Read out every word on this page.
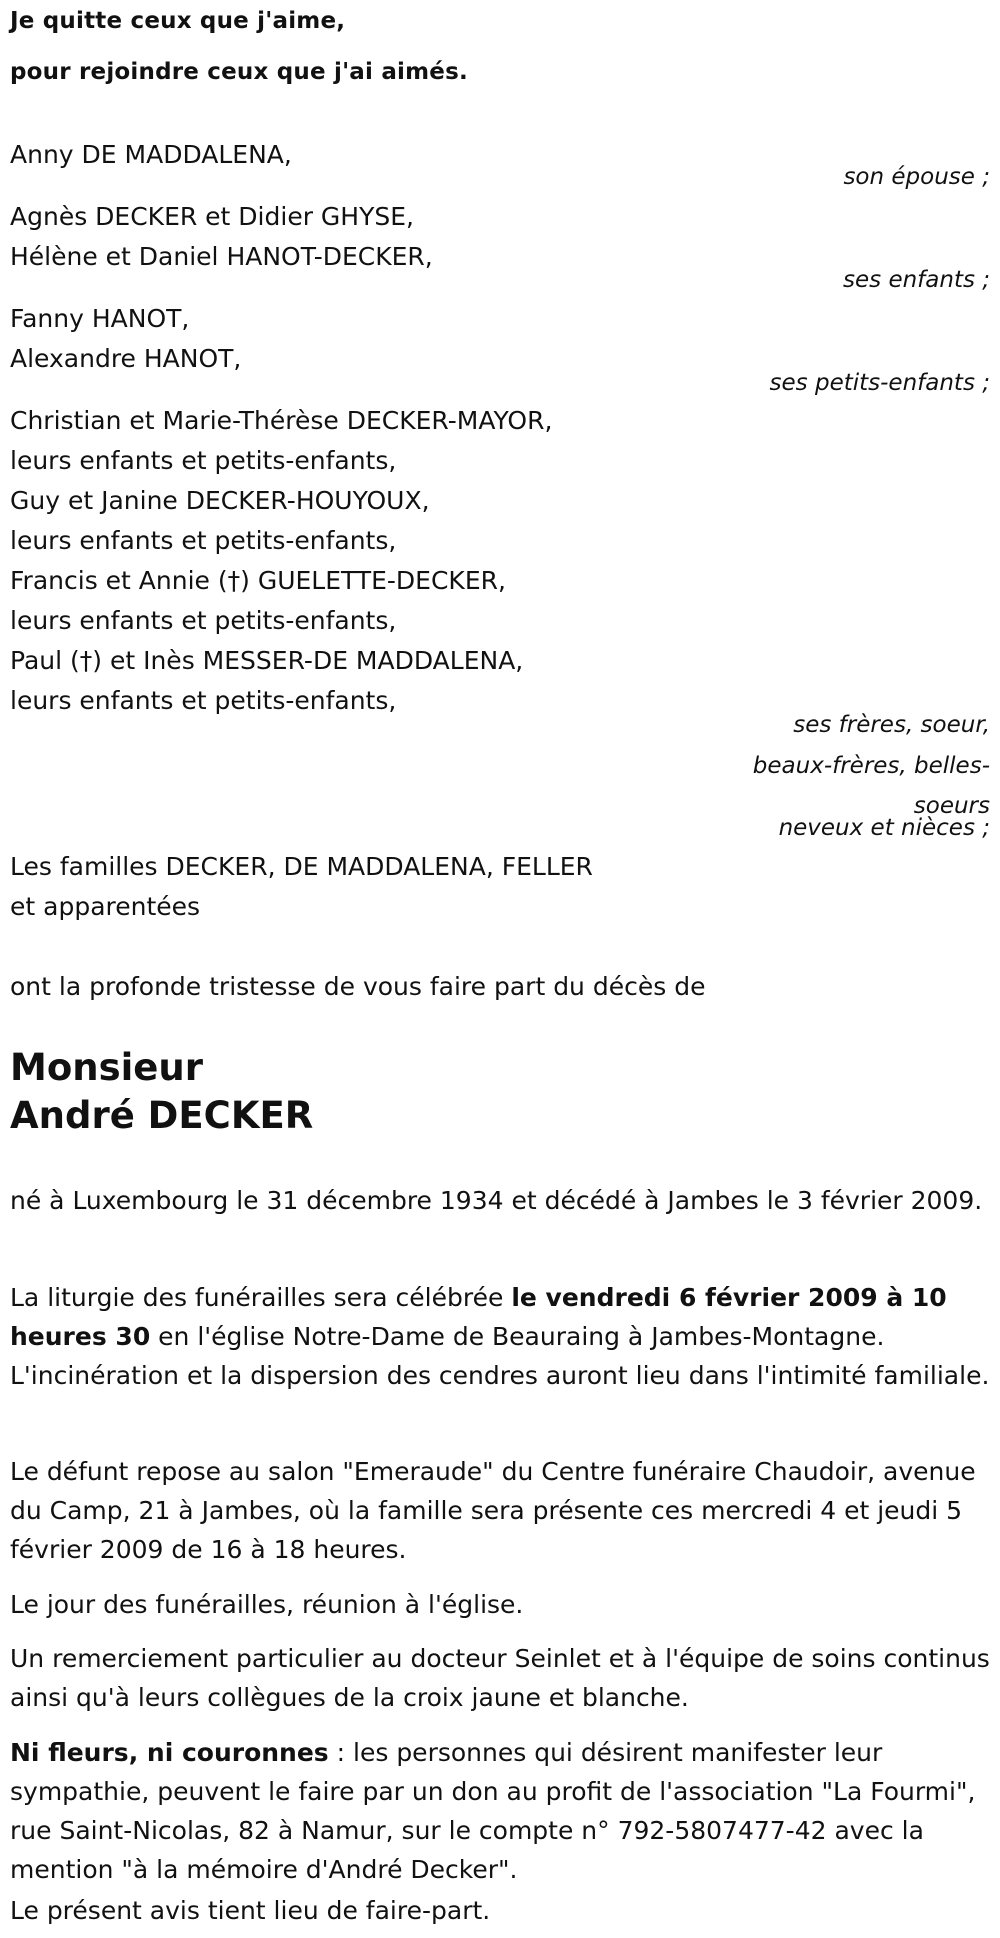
Je quitte ceux que j'aime,
pour rejoindre ceux que j'ai aimés.
Anny DE MADDALENA,
son épouse ;
Agnès DECKER et Didier GHYSE,
Hélène et Daniel HANOT-DECKER,
ses enfants ;
Fanny HANOT,
Alexandre HANOT,
ses petits-enfants ;
Christian et Marie-Thérèse DECKER-MAYOR,
leurs enfants et petits-enfants,
Guy et Janine DECKER-HOUYOUX,
leurs enfants et petits-enfants,
Francis et Annie (†) GUELETTE-DECKER,
leurs enfants et petits-enfants,
Paul (†) et Inès MESSER-DE MADDALENA,
leurs enfants et petits-enfants,
ses frères, soeur,
beaux-frères, belles-soeurs
neveux et nièces ;
Les familles DECKER, DE MADDALENA, FELLER
et apparentées
ont la profonde tristesse de vous faire part du décès de
Monsieur
André DECKER
né à Luxembourg le 31 décembre 1934 et décédé à Jambes le 3 février 2009.
La liturgie des funérailles sera célébrée le vendredi 6 février 2009 à 10 heures 30 en l'église Notre-Dame de Beauraing à Jambes-Montagne. L'incinération et la dispersion des cendres auront lieu dans l'intimité familiale.
Le défunt repose au salon "Emeraude" du Centre funéraire Chaudoir, avenue du Camp, 21 à Jambes, où la famille sera présente ces mercredi 4 et jeudi 5 février 2009 de 16 à 18 heures.
Le jour des funérailles, réunion à l'église.
Un remerciement particulier au docteur Seinlet et à l'équipe de soins continus ainsi qu'à leurs collègues de la croix jaune et blanche.
Ni fleurs, ni couronnes : les personnes qui désirent manifester leur sympathie, peuvent le faire par un don au profit de l'association "La Fourmi", rue Saint-Nicolas, 82 à Namur, sur le compte n° 792-5807477-42 avec la mention "à la mémoire d'André Decker".
Le présent avis tient lieu de faire-part.
